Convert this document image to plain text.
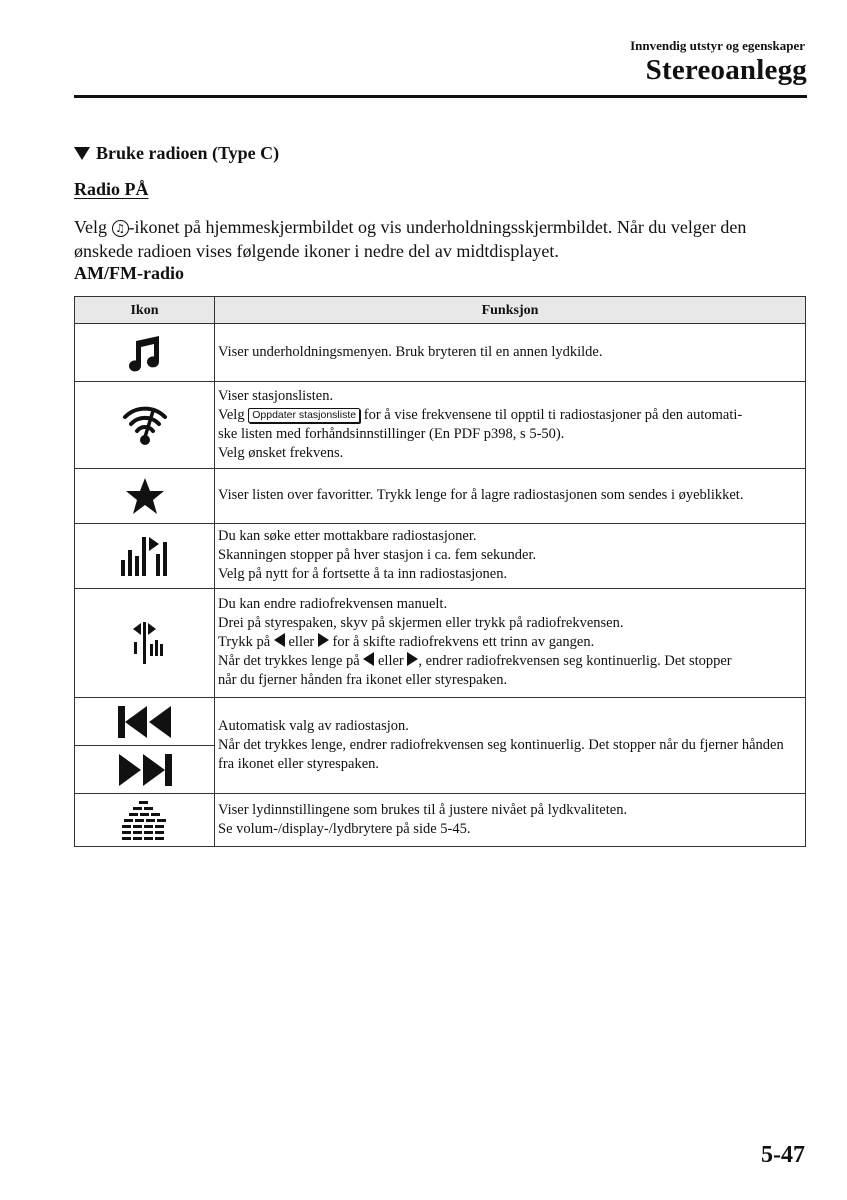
Innvendig utstyr og egenskaper
Stereoanlegg
Bruke radioen (Type C)
Radio PÅ
Velg ♫ -ikonet på hjemmeskjermbildet og vis underholdningsskjermbildet. Når du velger den ønskede radioen vises følgende ikoner i nedre del av midtdisplayet.
AM/FM-radio
Ikon	Funksjon

Viser underholdningsmenyen. Bruk bryteren til en annen lydkilde.

Viser stasjonslisten.
Velg Oppdater stasjonsliste for å vise frekvensene til opptil ti radiostasjoner på den automati-
ske listen med forhåndsinnstillinger (En PDF p398, s 5-50).
Velg ønsket frekvens.

Viser listen over favoritter. Trykk lenge for å lagre radiostasjonen som sendes i øyeblikket.

Du kan søke etter mottakbare radiostasjoner.
Skanningen stopper på hver stasjon i ca. fem sekunder.
Velg på nytt for å fortsette å ta inn radiostasjonen.

Du kan endre radiofrekvensen manuelt.
Drei på styrespaken, skyv på skjermen eller trykk på radiofrekvensen.
Trykk på  eller  for å skifte radiofrekvens ett trinn av gangen.
Når det trykkes lenge på  eller , endrer radiofrekvensen seg kontinuerlig. Det stopper
når du fjerner hånden fra ikonet eller styrespaken.

Automatisk valg av radiostasjon.
Når det trykkes lenge, endrer radiofrekvensen seg kontinuerlig. Det stopper når du fjerner hånden fra ikonet eller styrespaken.

Viser lydinnstillingene som brukes til å justere nivået på lydkvaliteten.
Se volum-/display-/lydbrytere på side 5-45.
5-47
